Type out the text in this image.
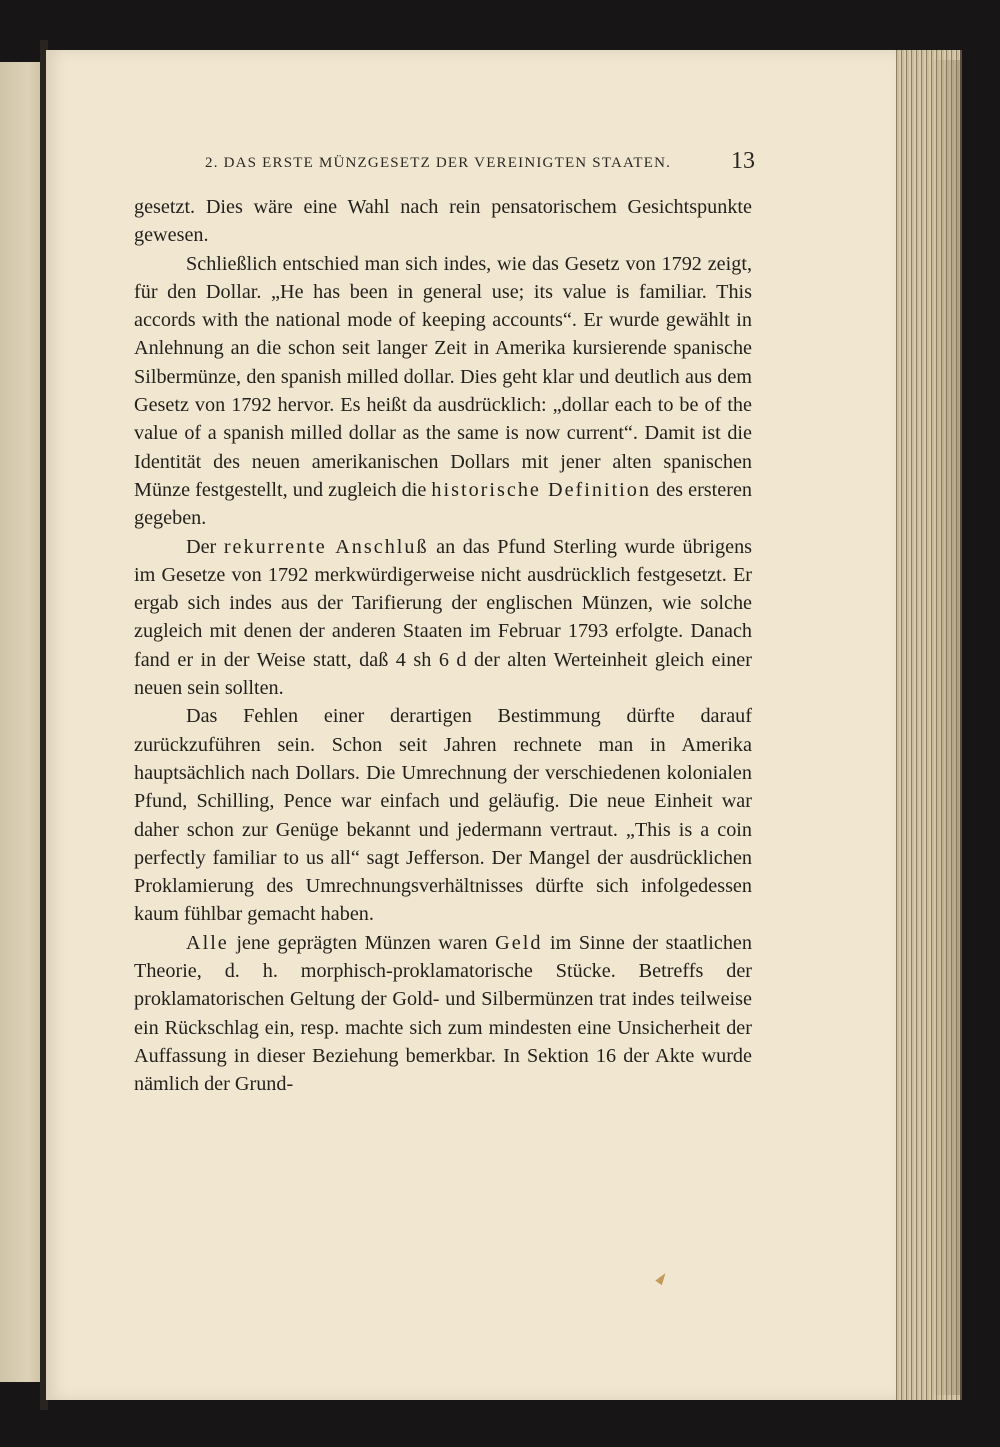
2. DAS ERSTE MÜNZGESETZ DER VEREINIGTEN STAATEN. 13

gesetzt. Dies wäre eine Wahl nach rein pensatorischem Gesichtspunkte gewesen.

Schließlich entschied man sich indes, wie das Gesetz von 1792 zeigt, für den Dollar. „He has been in general use; its value is familiar. This accords with the national mode of keeping accounts“. Er wurde gewählt in Anlehnung an die schon seit langer Zeit in Amerika kursierende spanische Silbermünze, den spanish milled dollar. Dies geht klar und deutlich aus dem Gesetz von 1792 hervor. Es heißt da ausdrücklich: „dollar each to be of the value of a spanish milled dollar as the same is now current“. Damit ist die Identität des neuen amerikanischen Dollars mit jener alten spanischen Münze festgestellt, und zugleich die historische Definition des ersteren gegeben.

Der rekurrente Anschluß an das Pfund Sterling wurde übrigens im Gesetze von 1792 merkwürdigerweise nicht ausdrücklich festgesetzt. Er ergab sich indes aus der Tarifierung der englischen Münzen, wie solche zugleich mit denen der anderen Staaten im Februar 1793 erfolgte. Danach fand er in der Weise statt, daß 4 sh 6 d der alten Werteinheit gleich einer neuen sein sollten.

Das Fehlen einer derartigen Bestimmung dürfte darauf zurückzuführen sein. Schon seit Jahren rechnete man in Amerika hauptsächlich nach Dollars. Die Umrechnung der verschiedenen kolonialen Pfund, Schilling, Pence war einfach und geläufig. Die neue Einheit war daher schon zur Genüge bekannt und jedermann vertraut. „This is a coin perfectly familiar to us all“ sagt Jefferson. Der Mangel der ausdrücklichen Proklamierung des Umrechnungsverhältnisses dürfte sich infolgedessen kaum fühlbar gemacht haben.

Alle jene geprägten Münzen waren Geld im Sinne der staatlichen Theorie, d. h. morphisch-proklamatorische Stücke. Betreffs der proklamatorischen Geltung der Gold- und Silbermünzen trat indes teilweise ein Rückschlag ein, resp. machte sich zum mindesten eine Unsicherheit der Auffassung in dieser Beziehung bemerkbar. In Sektion 16 der Akte wurde nämlich der Grund-
